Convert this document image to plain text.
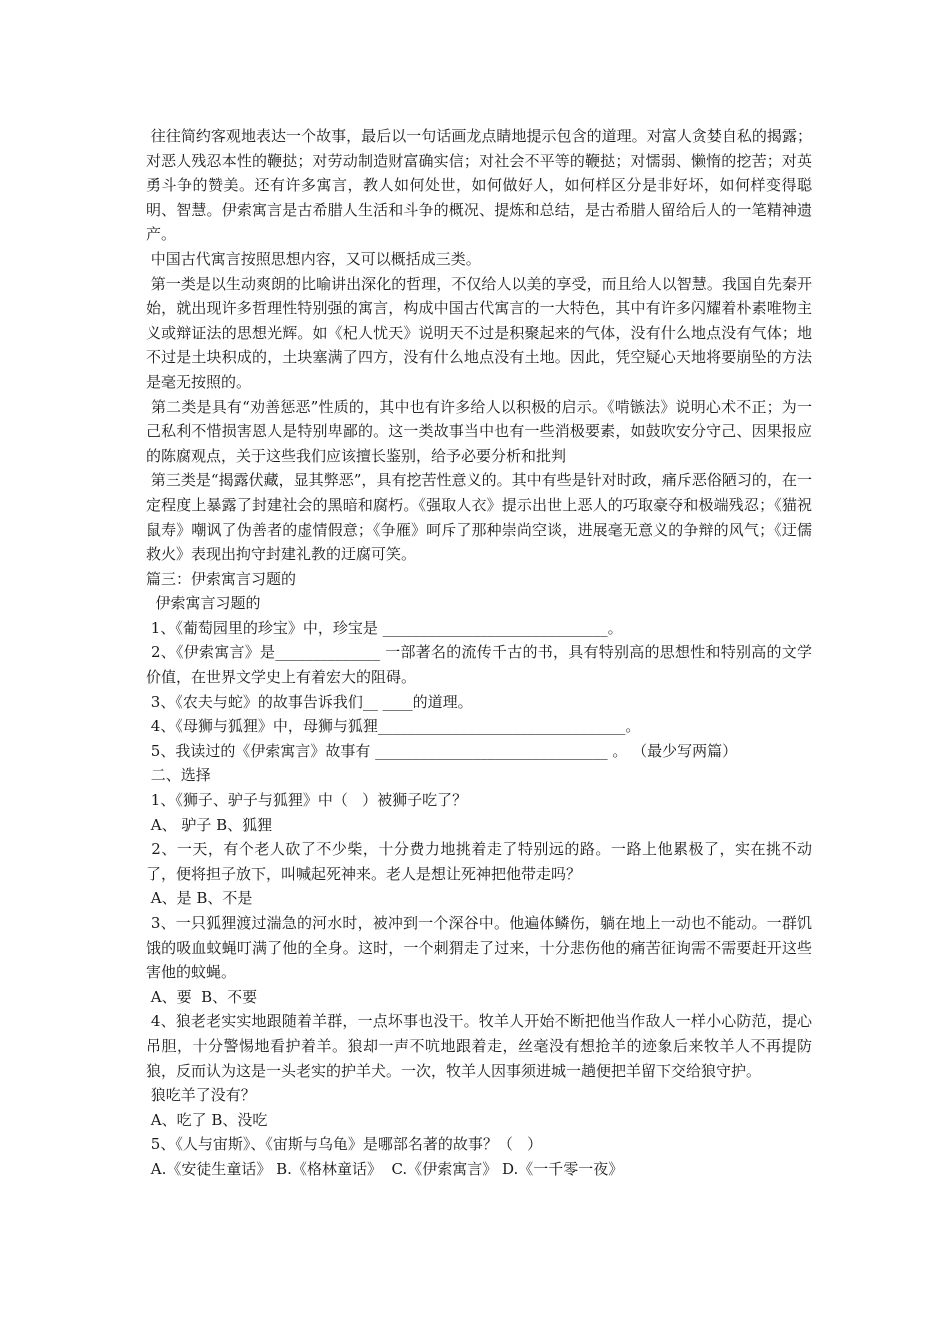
往往简约客观地表达一个故事，最后以一句话画龙点睛地提示包含的道理。对富人贪婪自私的揭露；对恶人残忍本性的鞭挞；对劳动制造财富确实信；对社会不平等的鞭挞；对懦弱、懒惰的挖苦；对英勇斗争的赞美。还有许多寓言，教人如何处世，如何做好人，如何样区分是非好坏，如何样变得聪明、智慧。伊索寓言是古希腊人生活和斗争的概况、提炼和总结，是古希腊人留给后人的一笔精神遗产。

中国古代寓言按照思想内容，又可以概括成三类。

第一类是以生动爽朗的比喻讲出深化的哲理，不仅给人以美的享受，而且给人以智慧。我国自先秦开始，就出现许多哲理性特别强的寓言，构成中国古代寓言的一大特色，其中有许多闪耀着朴素唯物主义或辩证法的思想光辉。如《杞人忧天》说明天不过是积聚起来的气体，没有什么地点没有气体；地不过是土块积成的，土块塞满了四方，没有什么地点没有土地。因此，凭空疑心天地将要崩坠的方法是毫无按照的。

第二类是具有“劝善惩恶”性质的，其中也有许多给人以积极的启示。《啃镞法》说明心术不正；为一己私利不惜损害恩人是特别卑鄙的。这一类故事当中也有一些消极要素，如鼓吹安分守己、因果报应的陈腐观点，关于这些我们应该擅长鉴别，给予必要分析和批判

第三类是“揭露伏藏，显其弊恶”，具有挖苦性意义的。其中有些是针对时政，痛斥恶俗陋习的，在一定程度上暴露了封建社会的黑暗和腐朽。《强取人衣》提示出世上恶人的巧取豪夺和极端残忍；《猫祝鼠寿》嘲讽了伪善者的虚情假意；《争雁》呵斥了那种崇尚空谈，进展毫无意义的争辩的风气；《迂儒救火》表现出拘守封建礼教的迂腐可笑。

篇三：伊索寓言习题的

伊索寓言习题的

1、《葡萄园里的珍宝》中，珍宝是 ______________________________。

2、《伊索寓言》是______________ 一部著名的流传千古的书，具有特别高的思想性和特别高的文学价值，在世界文学史上有着宏大的阻碍。

3、《农夫与蛇》的故事告诉我们__ ____的道理。

4、《母狮与狐狸》中，母狮与狐狸_________________________________。

5、我读过的《伊索寓言》故事有 _______________________________ 。 （最少写两篇）

二、选择

1、《狮子、驴子与狐狸》中（   ）被狮子吃了？

A、 驴子 B、狐狸

2、一天，有个老人砍了不少柴，十分费力地挑着走了特别远的路。一路上他累极了，实在挑不动了，便将担子放下，叫喊起死神来。老人是想让死神把他带走吗？

A、是 B、不是

3、一只狐狸渡过湍急的河水时，被冲到一个深谷中。他遍体鳞伤，躺在地上一动也不能动。一群饥饿的吸血蚊蝇叮满了他的全身。这时，一个刺猬走了过来，十分悲伤他的痛苦征询需不需要赶开这些害他的蚊蝇。

A、要  B、不要

4、狼老老实实地跟随着羊群，一点坏事也没干。牧羊人开始不断把他当作敌人一样小心防范，提心吊胆，十分警惕地看护着羊。狼却一声不吭地跟着走，丝毫没有想抢羊的迹象后来牧羊人不再提防狼，反而认为这是一头老实的护羊犬。一次，牧羊人因事须进城一趟便把羊留下交给狼守护。

狼吃羊了没有？

A、吃了 B、没吃

5、《人与宙斯》、《宙斯与乌龟》是哪部名著的故事？（   ）

A.《安徒生童话》 B.《格林童话》  C.《伊索寓言》 D.《一千零一夜》
